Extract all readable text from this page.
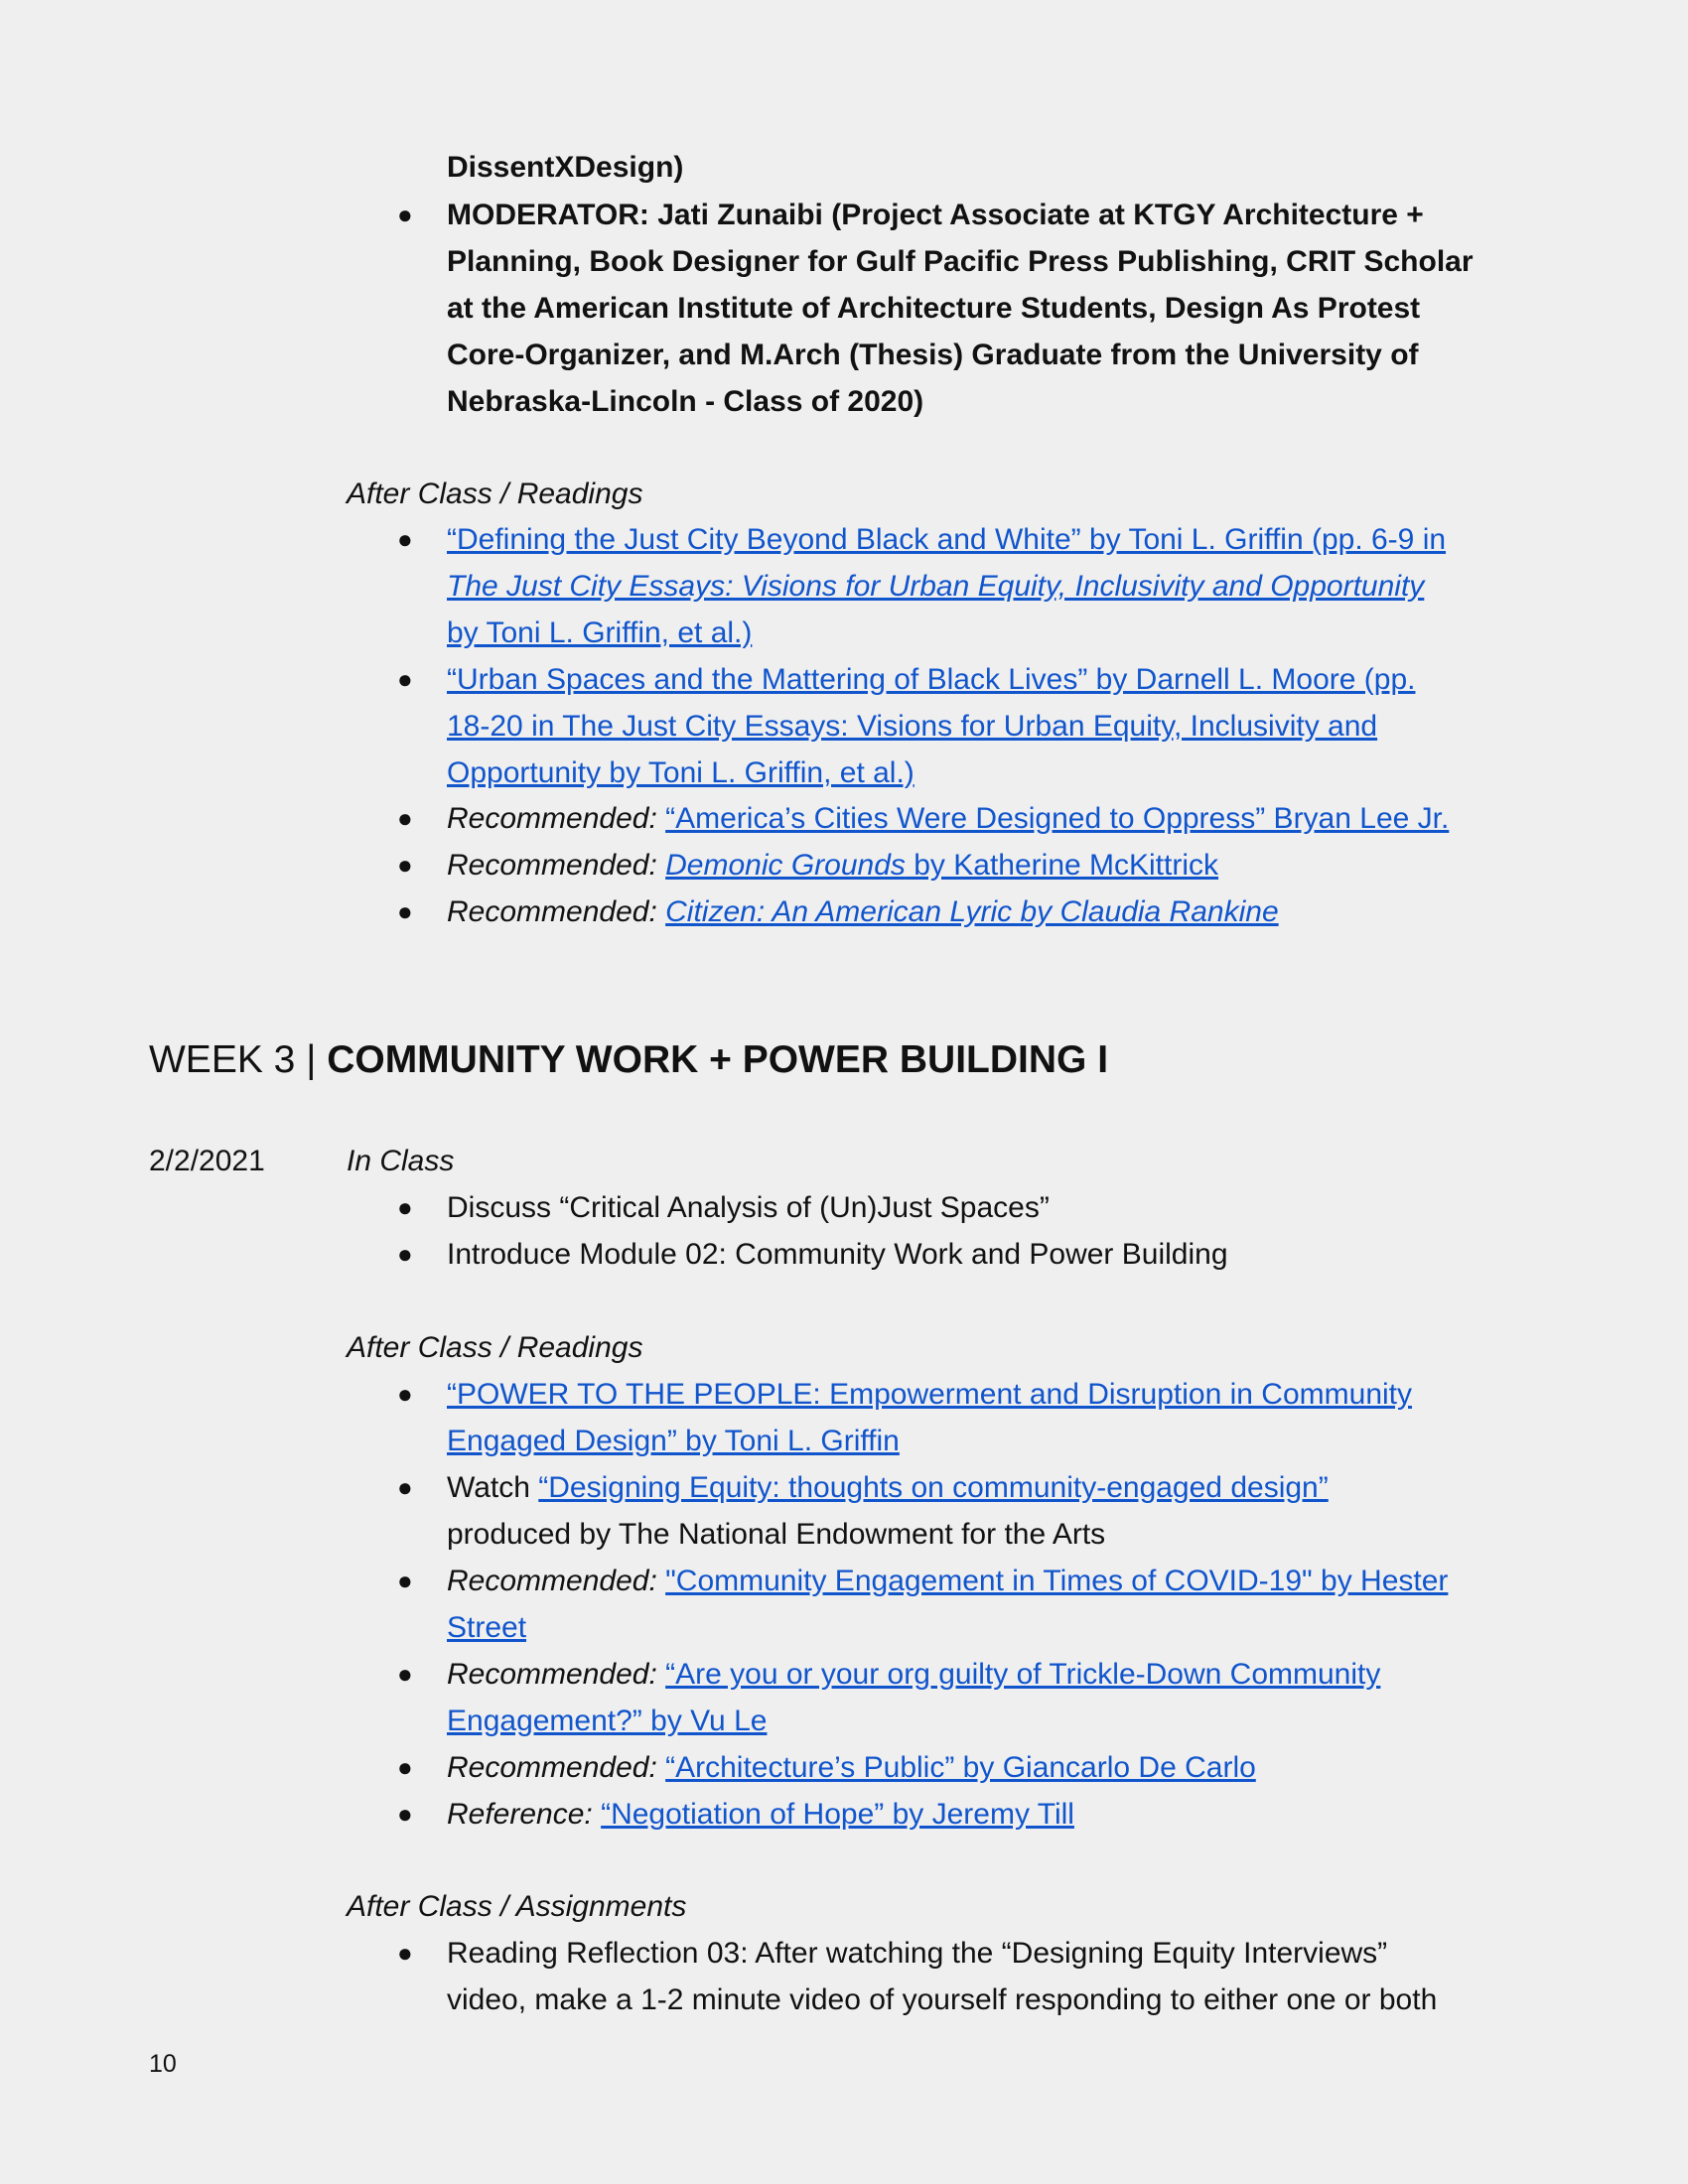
DissentXDesign)
● MODERATOR: Jati Zunaibi (Project Associate at KTGY Architecture +
Planning, Book Designer for Gulf Pacific Press Publishing, CRIT Scholar
at the American Institute of Architecture Students, Design As Protest
Core-Organizer, and M.Arch (Thesis) Graduate from the University of
Nebraska-Lincoln - Class of 2020)
After Class / Readings
● “Defining the Just City Beyond Black and White” by Toni L. Griffin (pp. 6-9 in
The Just City Essays: Visions for Urban Equity, Inclusivity and Opportunity
by Toni L. Griffin, et al.)
● “Urban Spaces and the Mattering of Black Lives” by Darnell L. Moore (pp.
18-20 in The Just City Essays: Visions for Urban Equity, Inclusivity and
Opportunity by Toni L. Griffin, et al.)
● Recommended: “America’s Cities Were Designed to Oppress” Bryan Lee Jr.
● Recommended: Demonic Grounds by Katherine McKittrick
● Recommended: Citizen: An American Lyric by Claudia Rankine
WEEK 3 | COMMUNITY WORK + POWER BUILDING I
2/2/2021	In Class
● Discuss “Critical Analysis of (Un)Just Spaces”
● Introduce Module 02: Community Work and Power Building
After Class / Readings
● “POWER TO THE PEOPLE: Empowerment and Disruption in Community
Engaged Design” by Toni L. Griffin
● Watch “Designing Equity: thoughts on community-engaged design”
produced by The National Endowment for the Arts
● Recommended: "Community Engagement in Times of COVID-19" by Hester
Street
● Recommended: “Are you or your org guilty of Trickle-Down Community
Engagement?” by Vu Le
● Recommended: “Architecture’s Public” by Giancarlo De Carlo
● Reference: “Negotiation of Hope” by Jeremy Till
After Class / Assignments
● Reading Reflection 03: After watching the “Designing Equity Interviews”
video, make a 1-2 minute video of yourself responding to either one or both
10
